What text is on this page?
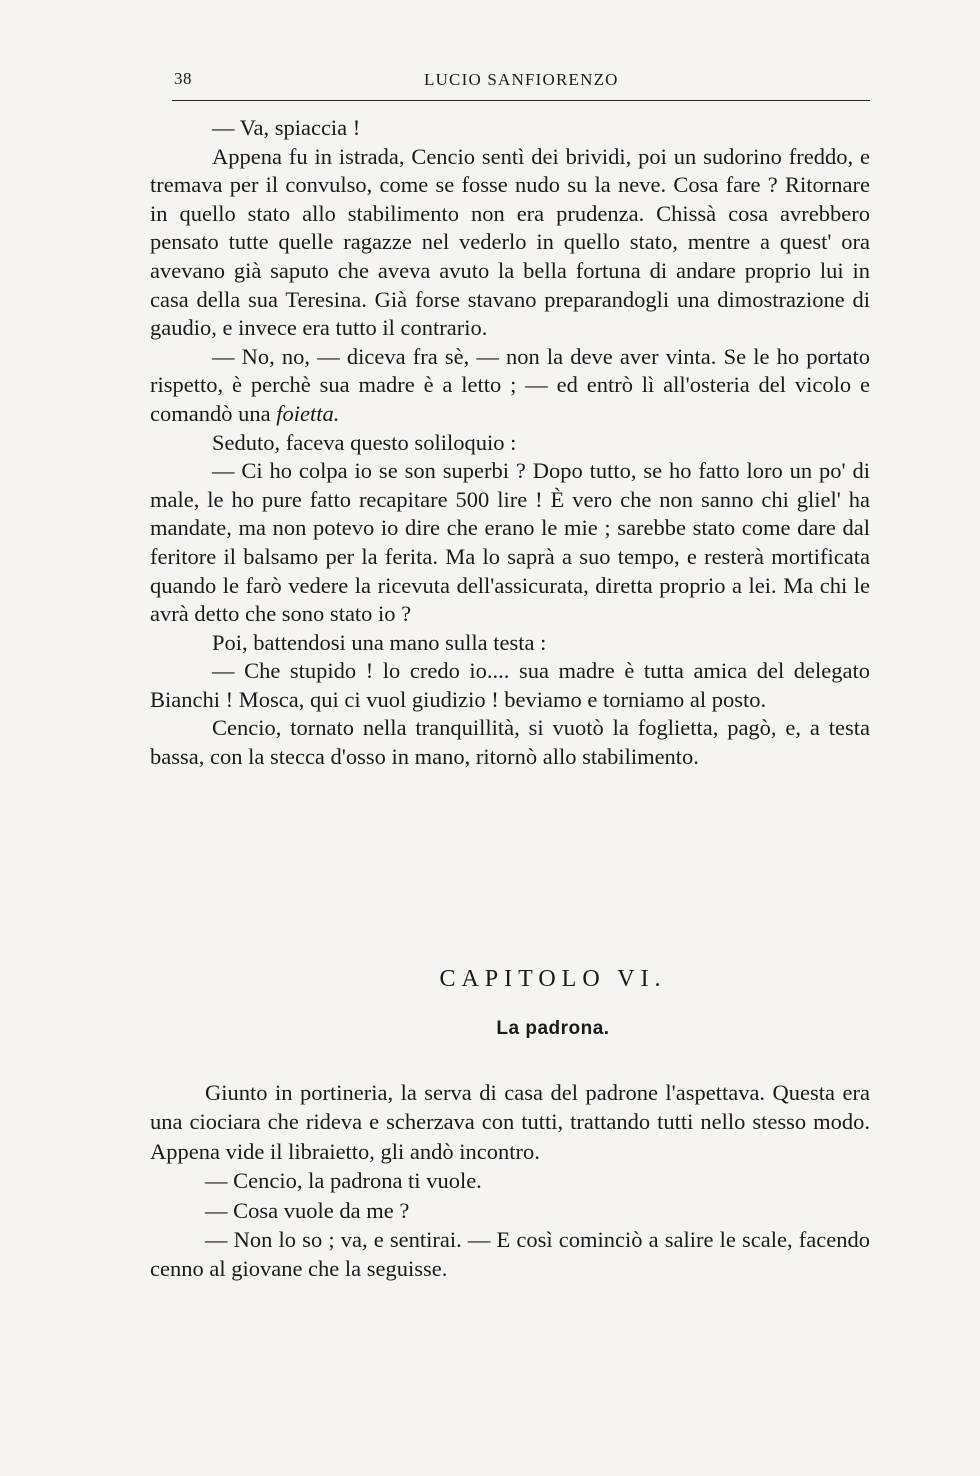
38	LUCIO SANFIORENZO

— Va, spiaccia !

Appena fu in istrada, Cencio sentì dei brividi, poi un sudorino freddo, e tremava per il convulso, come se fosse nudo su la neve. Cosa fare ? Ritornare in quello stato allo stabilimento non era prudenza. Chissà cosa avrebbero pensato tutte quelle ragazze nel vederlo in quello stato, mentre a quest' ora avevano già saputo che aveva avuto la bella fortuna di andare proprio lui in casa della sua Teresina. Già forse stavano preparandogli una dimostrazione di gaudio, e invece era tutto il contrario.

— No, no, — diceva fra sè, — non la deve aver vinta. Se le ho portato rispetto, è perchè sua madre è a letto ; — ed entrò lì all'osteria del vicolo e comandò una foietta.

Seduto, faceva questo soliloquio :

— Ci ho colpa io se son superbi ? Dopo tutto, se ho fatto loro un po' di male, le ho pure fatto recapitare 500 lire ! È vero che non sanno chi gliel' ha mandate, ma non potevo io dire che erano le mie ; sarebbe stato come dare dal feritore il balsamo per la ferita. Ma lo saprà a suo tempo, e resterà mortificata quando le farò vedere la ricevuta dell'assicurata, diretta proprio a lei. Ma chi le avrà detto che sono stato io ?

Poi, battendosi una mano sulla testa :

— Che stupido ! lo credo io.... sua madre è tutta amica del delegato Bianchi ! Mosca, qui ci vuol giudizio ! beviamo e torniamo al posto.

Cencio, tornato nella tranquillità, si vuotò la foglietta, pagò, e, a testa bassa, con la stecca d'osso in mano, ritornò allo stabilimento.

CAPITOLO VI.
La padrona.

Giunto in portineria, la serva di casa del padrone l'aspettava. Questa era una ciociara che rideva e scherzava con tutti, trattando tutti nello stesso modo. Appena vide il libraietto, gli andò incontro.

— Cencio, la padrona ti vuole.

— Cosa vuole da me ?

— Non lo so ; va, e sentirai. — E così cominciò a salire le scale, facendo cenno al giovane che la seguisse.
